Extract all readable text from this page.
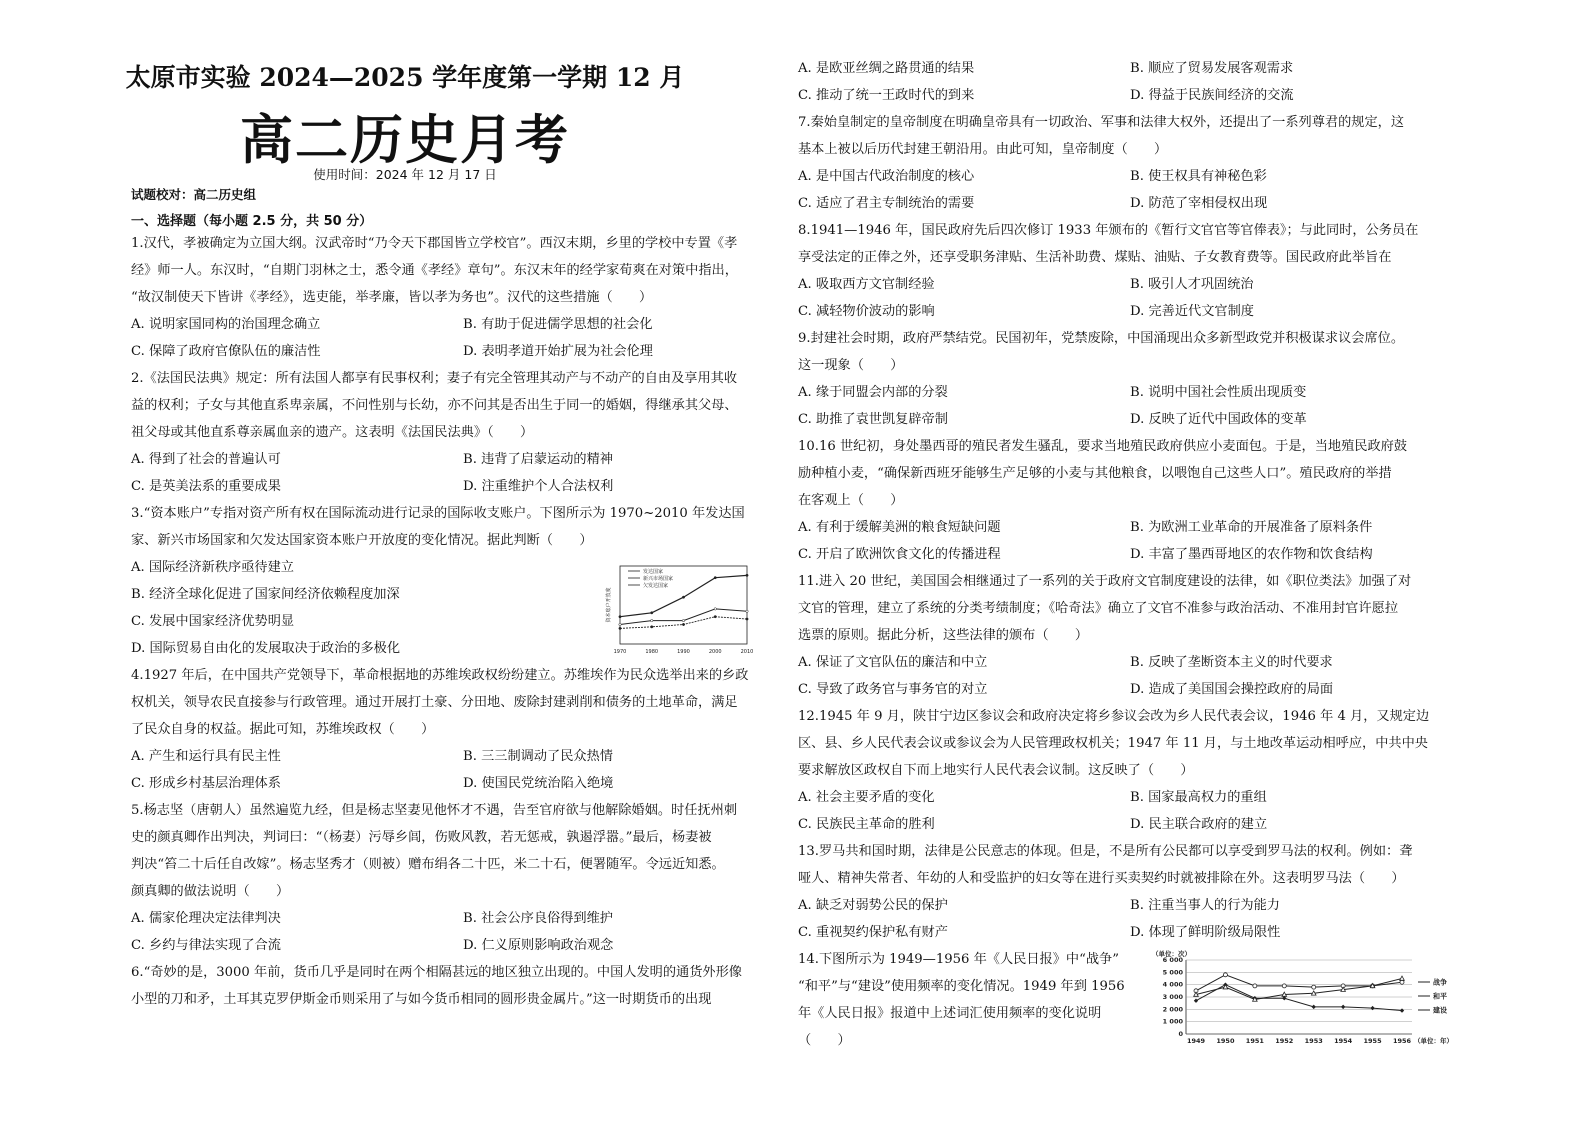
太原市实验 2024—2025 学年度第一学期 12 月
高二历史月考
使用时间：2024 年 12 月 17 日
试题校对：高二历史组
一、选择题（每小题 2.5 分，共 50 分）
1.汉代，孝被确定为立国大纲。汉武帝时“乃令天下郡国皆立学校官”。西汉末期，乡里的学校中专置《孝
经》师一人。东汉时，“自期门羽林之士，悉令通《孝经》章句”。东汉末年的经学家荀爽在对策中指出，
“故汉制使天下皆讲《孝经》，选吏能，举孝廉，皆以孝为务也”。汉代的这些措施（　　）
A. 说明家国同构的治国理念确立	B. 有助于促进儒学思想的社会化
C. 保障了政府官僚队伍的廉洁性	D. 表明孝道开始扩展为社会伦理
2.《法国民法典》规定：所有法国人都享有民事权利；妻子有完全管理其动产与不动产的自由及享用其收
益的权利；子女与其他直系卑亲属，不问性别与长幼，亦不问其是否出生于同一的婚姻，得继承其父母、
祖父母或其他直系尊亲属血亲的遗产。这表明《法国民法典》（　　）
A. 得到了社会的普遍认可	B. 违背了启蒙运动的精神
C. 是英美法系的重要成果	D. 注重维护个人合法权利
3.“资本账户”专指对资产所有权在国际流动进行记录的国际收支账户。下图所示为 1970~2010 年发达国
家、新兴市场国家和欠发达国家资本账户开放度的变化情况。据此判断（　　）
A. 国际经济新秩序亟待建立
B. 经济全球化促进了国家间经济依赖程度加深
C. 发展中国家经济优势明显
D. 国际贸易自由化的发展取决于政治的多极化	1970	1980	1990	2000	2010
资本账户开放度
发达国家
新兴市场国家
欠发达国家
4.1927 年后，在中国共产党领导下，革命根据地的苏维埃政权纷纷建立。苏维埃作为民众选举出来的乡政
权机关，领导农民直接参与行政管理。通过开展打土豪、分田地、废除封建剥削和债务的土地革命，满足
了民众自身的权益。据此可知，苏维埃政权（　　）
A. 产生和运行具有民主性	B. 三三制调动了民众热情
C. 形成乡村基层治理体系	D. 使国民党统治陷入绝境
5.杨志坚（唐朝人）虽然遍览九经，但是杨志坚妻见他怀才不遇，告至官府欲与他解除婚姻。时任抚州刺
史的颜真卿作出判决，判词曰：“（杨妻）污辱乡闾，伤败风教，若无惩戒，孰遏浮嚣。”最后，杨妻被
判决“笞二十后任自改嫁”。杨志坚秀才（则被）赠布绢各二十匹，米二十石，便署随军。令远近知悉。
颜真卿的做法说明（　　）
A. 儒家伦理决定法律判决	B. 社会公序良俗得到维护
C. 乡约与律法实现了合流	D. 仁义原则影响政治观念
6.“奇妙的是，3000 年前，货币几乎是同时在两个相隔甚远的地区独立出现的。中国人发明的通货外形像
小型的刀和矛，土耳其克罗伊斯金币则采用了与如今货币相同的圆形贵金属片。”这一时期货币的出现
A. 是欧亚丝绸之路贯通的结果	B. 顺应了贸易发展客观需求
C. 推动了统一王政时代的到来	D. 得益于民族间经济的交流
7.秦始皇制定的皇帝制度在明确皇帝具有一切政治、军事和法律大权外，还提出了一系列尊君的规定，这
基本上被以后历代封建王朝沿用。由此可知，皇帝制度（　　）
A. 是中国古代政治制度的核心	B. 使王权具有神秘色彩
C. 适应了君主专制统治的需要	D. 防范了宰相侵权出现
8.1941—1946 年，国民政府先后四次修订 1933 年颁布的《暂行文官官等官俸表》；与此同时，公务员在
享受法定的正俸之外，还享受职务津贴、生活补助费、煤贴、油贴、子女教育费等。国民政府此举旨在
A. 吸取西方文官制经验	B. 吸引人才巩固统治
C. 减轻物价波动的影响	D. 完善近代文官制度
9.封建社会时期，政府严禁结党。民国初年，党禁废除，中国涌现出众多新型政党并积极谋求议会席位。
这一现象（　　）
A. 缘于同盟会内部的分裂	B. 说明中国社会性质出现质变
C. 助推了袁世凯复辟帝制	D. 反映了近代中国政体的变革
10.16 世纪初，身处墨西哥的殖民者发生骚乱，要求当地殖民政府供应小麦面包。于是，当地殖民政府鼓
励种植小麦，“确保新西班牙能够生产足够的小麦与其他粮食，以喂饱自己这些人口”。殖民政府的举措
在客观上（　　）
A. 有利于缓解美洲的粮食短缺问题	B. 为欧洲工业革命的开展准备了原料条件
C. 开启了欧洲饮食文化的传播进程	D. 丰富了墨西哥地区的农作物和饮食结构
11.进入 20 世纪，美国国会相继通过了一系列的关于政府文官制度建设的法律，如《职位类法》加强了对
文官的管理，建立了系统的分类考绩制度；《哈奇法》确立了文官不准参与政治活动、不准用封官许愿拉
选票的原则。据此分析，这些法律的颁布（　　）
A. 保证了文官队伍的廉洁和中立	B. 反映了垄断资本主义的时代要求
C. 导致了政务官与事务官的对立	D. 造成了美国国会操控政府的局面
12.1945 年 9 月，陕甘宁边区参议会和政府决定将乡参议会改为乡人民代表会议，1946 年 4 月，又规定边
区、县、乡人民代表会议或参议会为人民管理政权机关；1947 年 11 月，与土地改革运动相呼应，中共中央
要求解放区政权自下而上地实行人民代表会议制。这反映了（　　）
A. 社会主要矛盾的变化	B. 国家最高权力的重组
C. 民族民主革命的胜利	D. 民主联合政府的建立
13.罗马共和国时期，法律是公民意志的体现。但是，不是所有公民都可以享受到罗马法的权利。例如：聋
哑人、精神失常者、年幼的人和受监护的妇女等在进行买卖契约时就被排除在外。这表明罗马法（　　）
A. 缺乏对弱势公民的保护	B. 注重当事人的行为能力
C. 重视契约保护私有财产	D. 体现了鲜明阶级局限性
14.下图所示为 1949—1956 年《人民日报》中“战争”
“和平”与“建设”使用频率的变化情况。1949 年到 1956
年《人民日报》报道中上述词汇使用频率的变化说明
（　　）
（单位：次）
0
1 000
2 000
3 000
4 000
5 000
6 000
1949 1950 1951 1952 1953 1954 1955 1956 （单位：年）
战争
和平
建设
